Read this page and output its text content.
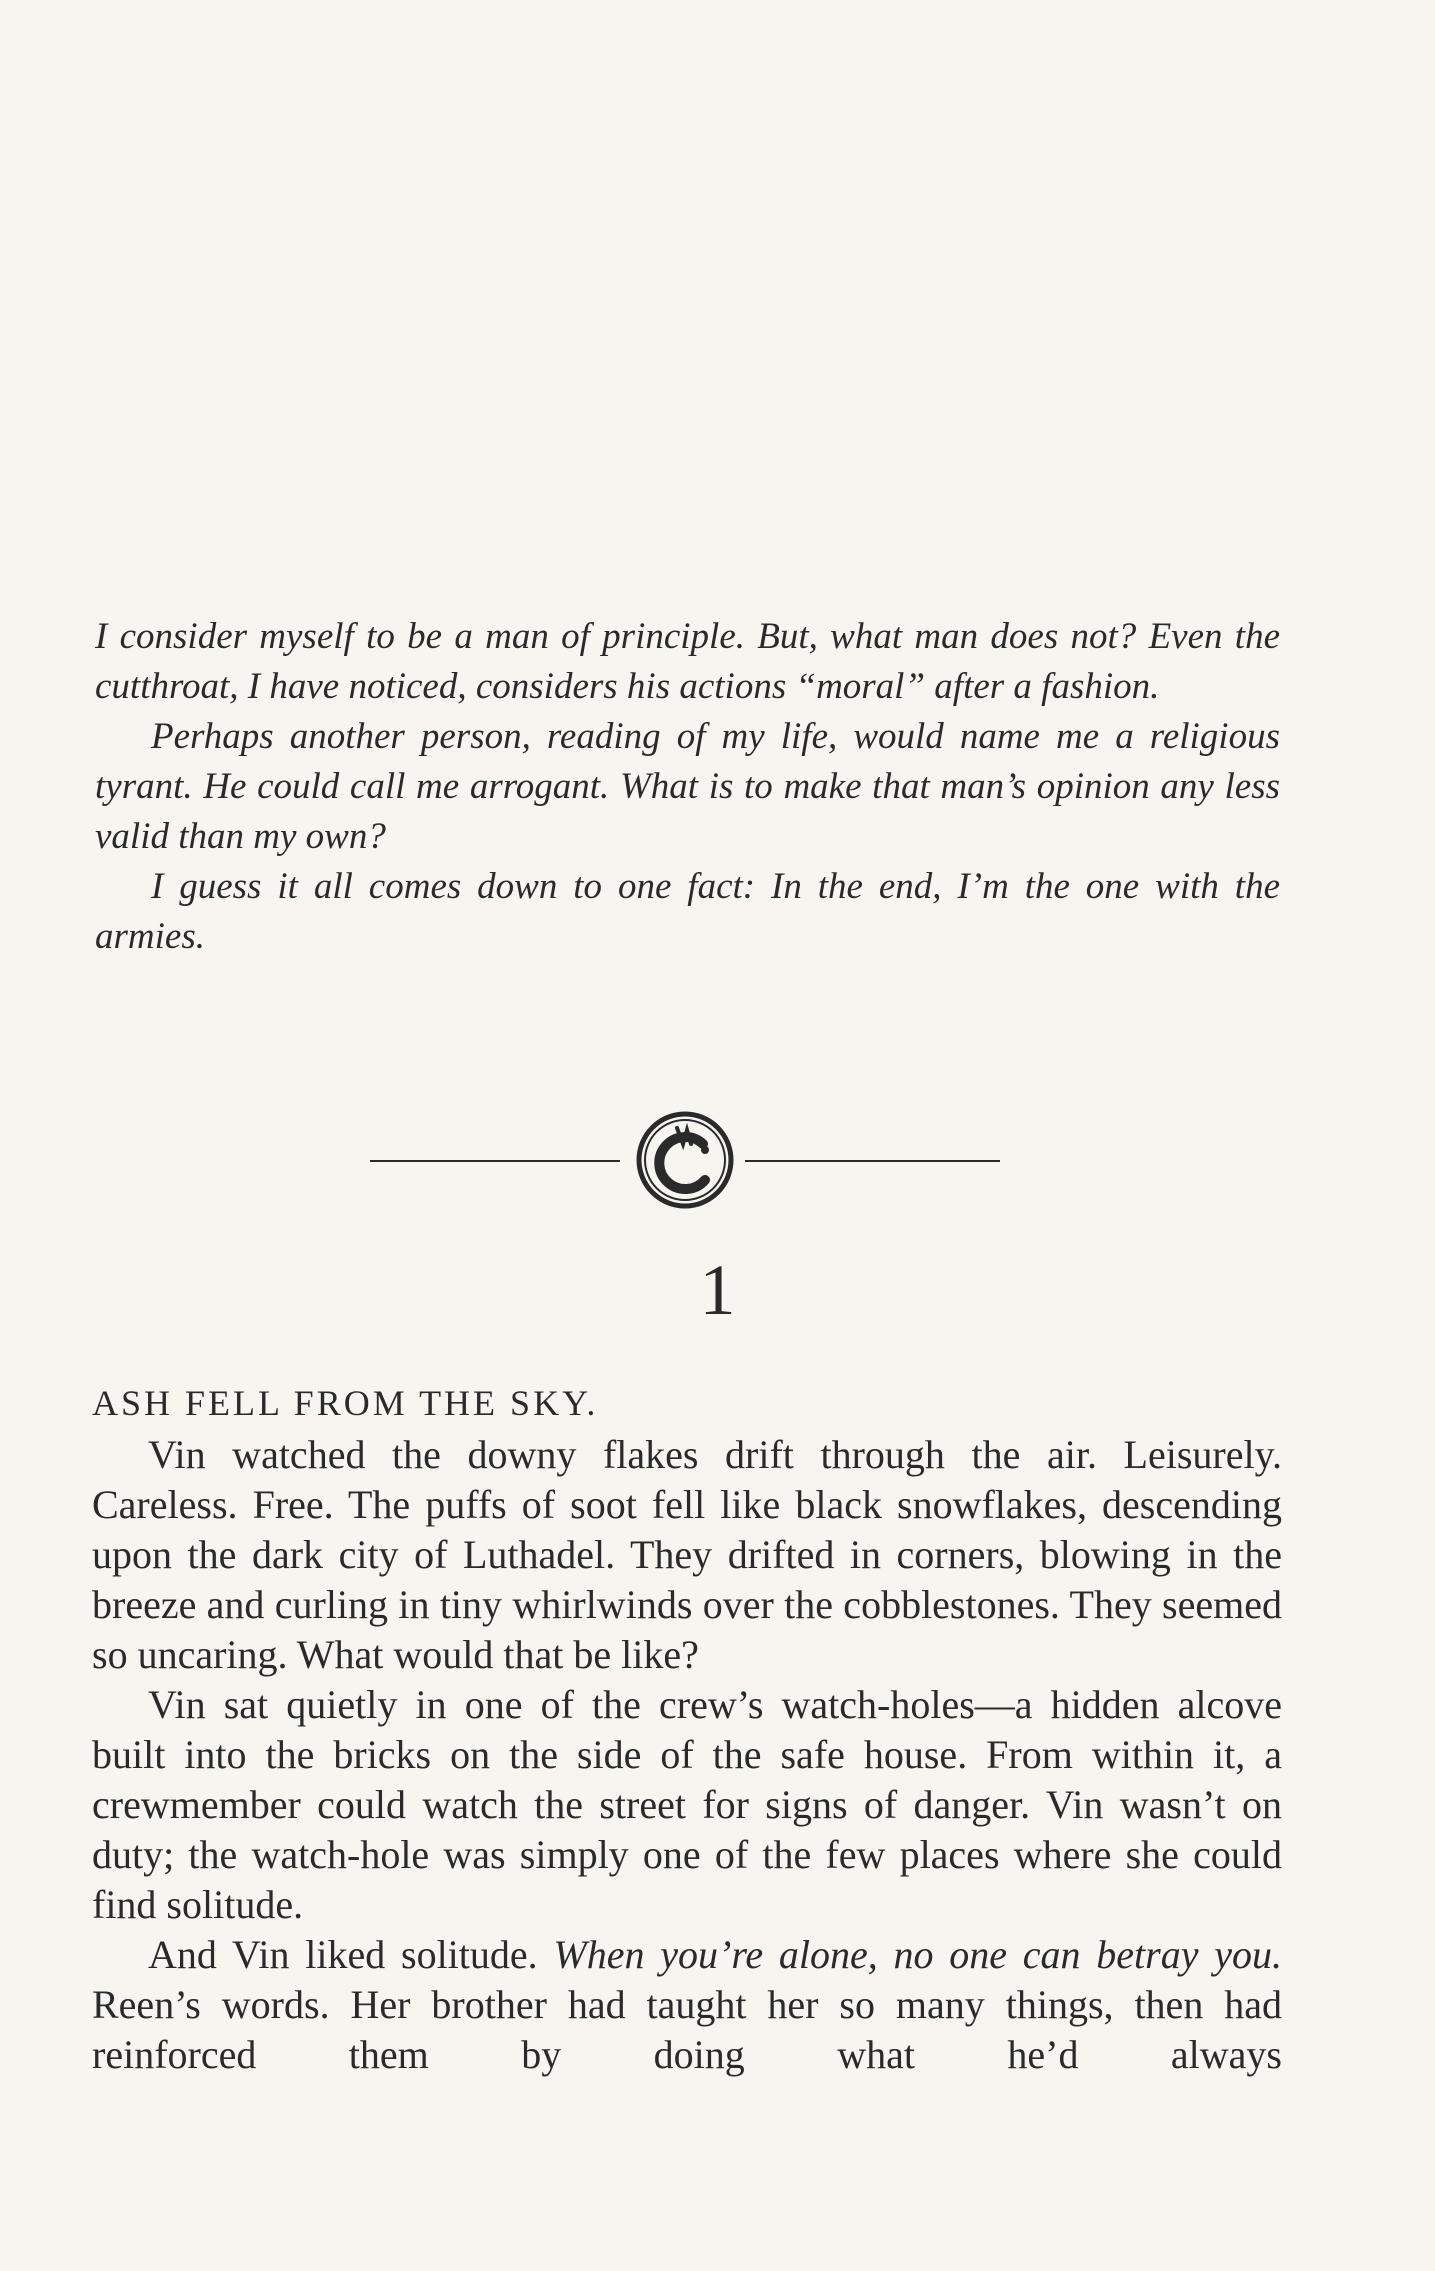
I consider myself to be a man of principle. But, what man does not? Even the cutthroat, I have noticed, considers his actions “moral” after a fashion.

Perhaps another person, reading of my life, would name me a religious tyrant. He could call me arrogant. What is to make that man’s opinion any less valid than my own?

I guess it all comes down to one fact: In the end, I’m the one with the armies.

1
ASH FELL FROM THE SKY.

Vin watched the downy flakes drift through the air. Leisurely. Careless. Free. The puffs of soot fell like black snowflakes, descending upon the dark city of Luthadel. They drifted in corners, blowing in the breeze and curling in tiny whirlwinds over the cobblestones. They seemed so uncaring. What would that be like?

Vin sat quietly in one of the crew’s watch-holes—a hidden alcove built into the bricks on the side of the safe house. From within it, a crewmember could watch the street for signs of danger. Vin wasn’t on duty; the watch-hole was simply one of the few places where she could find solitude.

And Vin liked solitude. When you’re alone, no one can betray you. Reen’s words. Her brother had taught her so many things, then had reinforced them by doing what he’d always
